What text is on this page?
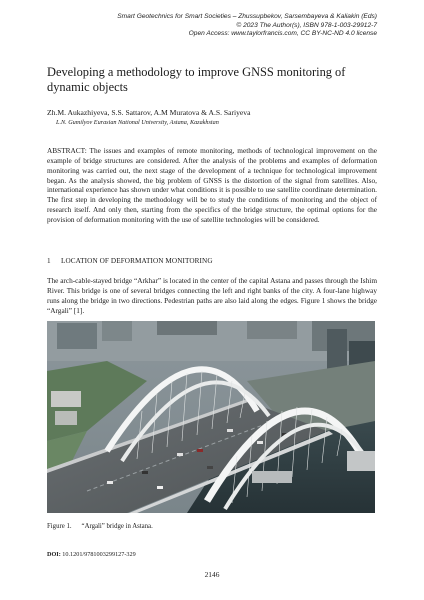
Smart Geotechnics for Smart Societies – Zhussupbekov, Sarsembayeva & Kaliakin (Eds)
© 2023 The Author(s), ISBN 978-1-003-29912-7
Open Access: www.taylorfrancis.com, CC BY-NC-ND 4.0 license
Developing a methodology to improve GNSS monitoring of dynamic objects
Zh.M. Aukazhiyeva, S.S. Sattarov, A.M Muratova & A.S. Sariyeva
L.N. Gumilyov Eurasian National University, Astana, Kazakhstan
ABSTRACT: The issues and examples of remote monitoring, methods of technological improvement on the example of bridge structures are considered. After the analysis of the problems and examples of deformation monitoring was carried out, the next stage of the development of a technique for technological improvement began. As the analysis showed, the big problem of GNSS is the distortion of the signal from satellites. Also, international experience has shown under what conditions it is possible to use satellite coordinate determination. The first step in developing the methodology will be to study the conditions of monitoring and the object of research itself. And only then, starting from the specifics of the bridge structure, the optimal options for the provision of deformation monitoring with the use of satellite technologies will be considered.
1 LOCATION OF DEFORMATION MONITORING
The arch-cable-stayed bridge “Arkhar” is located in the center of the capital Astana and passes through the Ishim River. This bridge is one of several bridges connecting the left and right banks of the city. A four-lane highway runs along the bridge in two directions. Pedestrian paths are also laid along the edges. Figure 1 shows the bridge “Argali” [1].
Figure 1. “Argali” bridge in Astana.
DOI: 10.1201/9781003299127-329
2146
